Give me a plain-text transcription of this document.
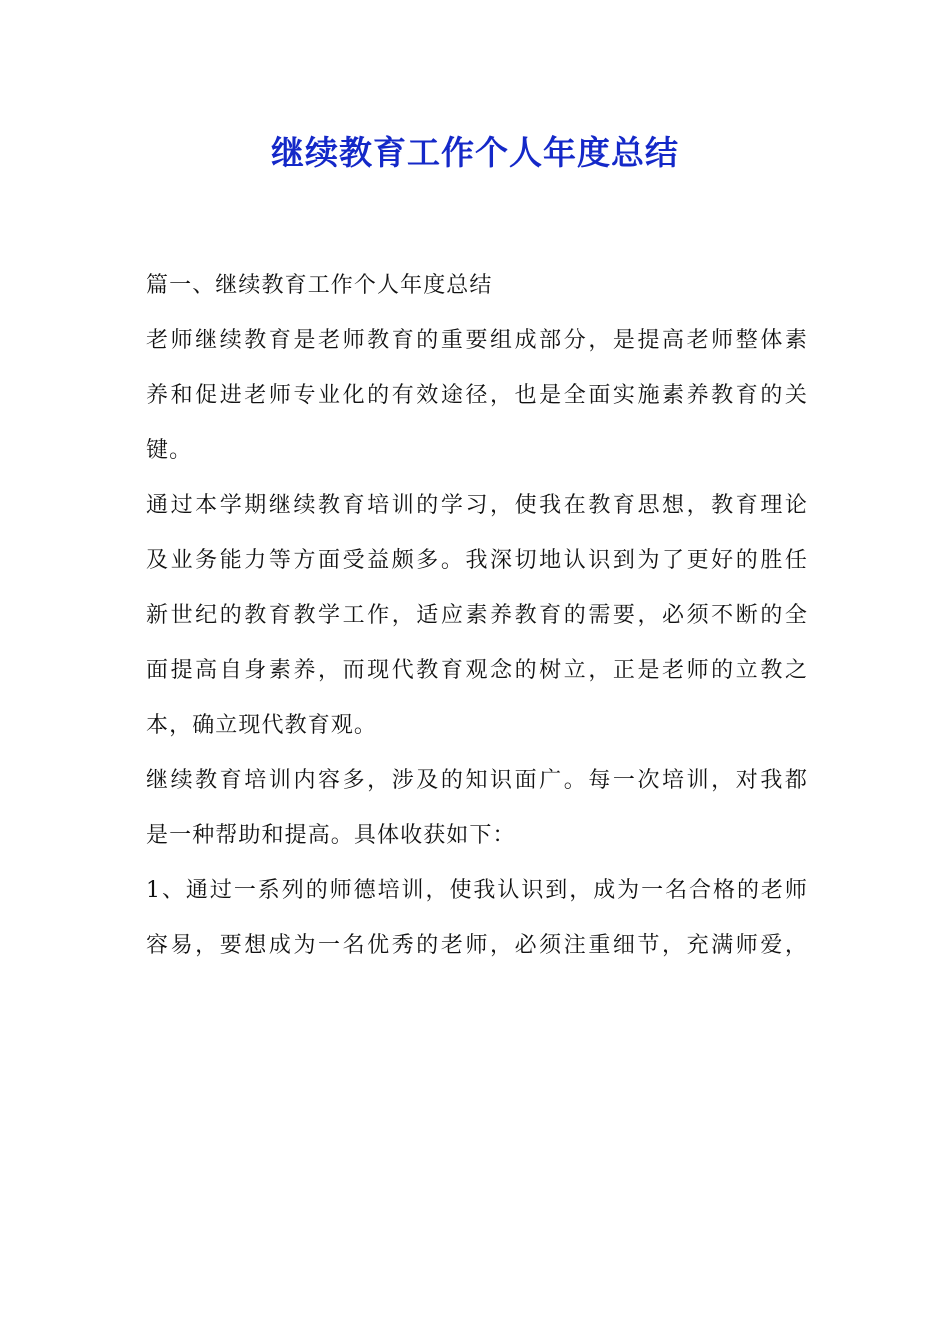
继续教育工作个人年度总结
篇一、继续教育工作个人年度总结
老师继续教育是老师教育的重要组成部分，是提高老师整体素
养和促进老师专业化的有效途径，也是全面实施素养教育的关
键。
通过本学期继续教育培训的学习，使我在教育思想，教育理论
及业务能力等方面受益颇多。我深切地认识到为了更好的胜任
新世纪的教育教学工作，适应素养教育的需要，必须不断的全
面提高自身素养，而现代教育观念的树立，正是老师的立教之
本，确立现代教育观。
继续教育培训内容多，涉及的知识面广。每一次培训，对我都
是一种帮助和提高。具体收获如下：
1、通过一系列的师德培训，使我认识到，成为一名合格的老师
容易，要想成为一名优秀的老师，必须注重细节，充满师爱，
